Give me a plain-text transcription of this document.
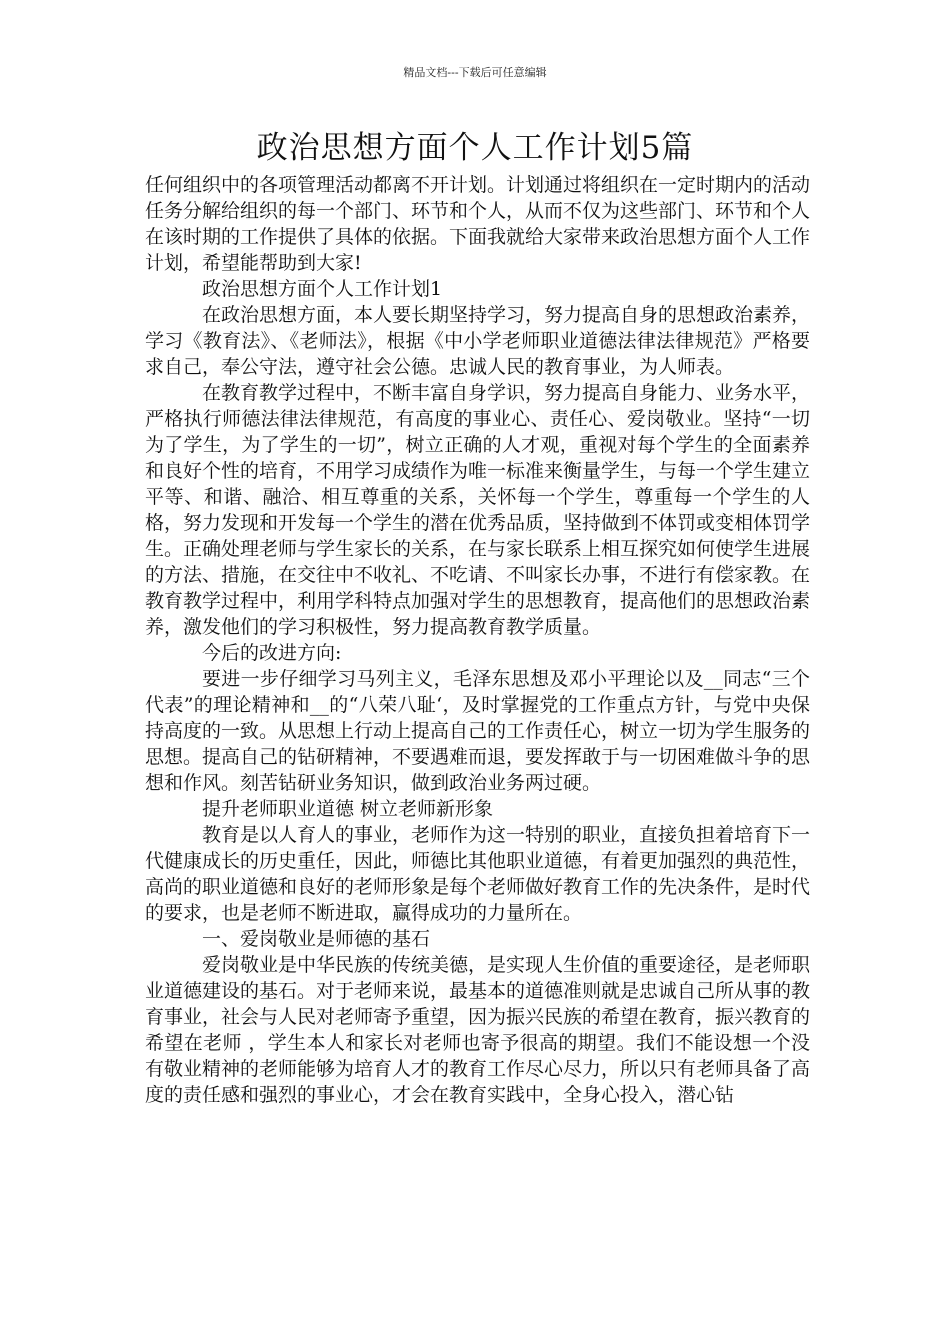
精品文档---下载后可任意编辑
政治思想方面个人工作计划5篇

任何组织中的各项管理活动都离不开计划。计划通过将组织在一定时期内的活动任务分解给组织的每一个部门、环节和个人，从而不仅为这些部门、环节和个人在该时期的工作提供了具体的依据。下面我就给大家带来政治思想方面个人工作计划，希望能帮助到大家!

政治思想方面个人工作计划1

在政治思想方面，本人要长期坚持学习，努力提高自身的思想政治素养，学习《教育法》、《老师法》，根据《中小学老师职业道德法律法律规范》严格要求自己，奉公守法，遵守社会公德。忠诚人民的教育事业，为人师表。

在教育教学过程中，不断丰富自身学识，努力提高自身能力、业务水平，严格执行师德法律法律规范，有高度的事业心、责任心、爱岗敬业。坚持“一切为了学生，为了学生的一切”，树立正确的人才观，重视对每个学生的全面素养和良好个性的培育，不用学习成绩作为唯一标准来衡量学生，与每一个学生建立平等、和谐、融洽、相互尊重的关系，关怀每一个学生，尊重每一个学生的人格，努力发现和开发每一个学生的潜在优秀品质，坚持做到不体罚或变相体罚学生。正确处理老师与学生家长的关系，在与家长联系上相互探究如何使学生进展的方法、措施，在交往中不收礼、不吃请、不叫家长办事，不进行有偿家教。在教育教学过程中，利用学科特点加强对学生的思想教育，提高他们的思想政治素养，激发他们的学习积极性，努力提高教育教学质量。

今后的改进方向:

要进一步仔细学习马列主义，毛泽东思想及邓小平理论以及__同志“三个代表”的理论精神和__的“八荣八耻‘，及时掌握党的工作重点方针，与党中央保持高度的一致。从思想上行动上提高自己的工作责任心，树立一切为学生服务的思想。提高自己的钻研精神，不要遇难而退，要发挥敢于与一切困难做斗争的思想和作风。刻苦钻研业务知识，做到政治业务两过硬。

提升老师职业道德 树立老师新形象

教育是以人育人的事业，老师作为这一特别的职业，直接负担着培育下一代健康成长的历史重任，因此，师德比其他职业道德，有着更加强烈的典范性，高尚的职业道德和良好的老师形象是每个老师做好教育工作的先决条件，是时代的要求，也是老师不断进取，赢得成功的力量所在。

一、爱岗敬业是师德的基石

爱岗敬业是中华民族的传统美德，是实现人生价值的重要途径，是老师职业道德建设的基石。对于老师来说，最基本的道德准则就是忠诚自己所从事的教育事业，社会与人民对老师寄予重望，因为振兴民族的希望在教育，振兴教育的希望在老师 ，学生本人和家长对老师也寄予很高的期望。我们不能设想一个没有敬业精神的老师能够为培育人才的教育工作尽心尽力，所以只有老师具备了高度的责任感和强烈的事业心，才会在教育实践中，全身心投入，潜心钻
